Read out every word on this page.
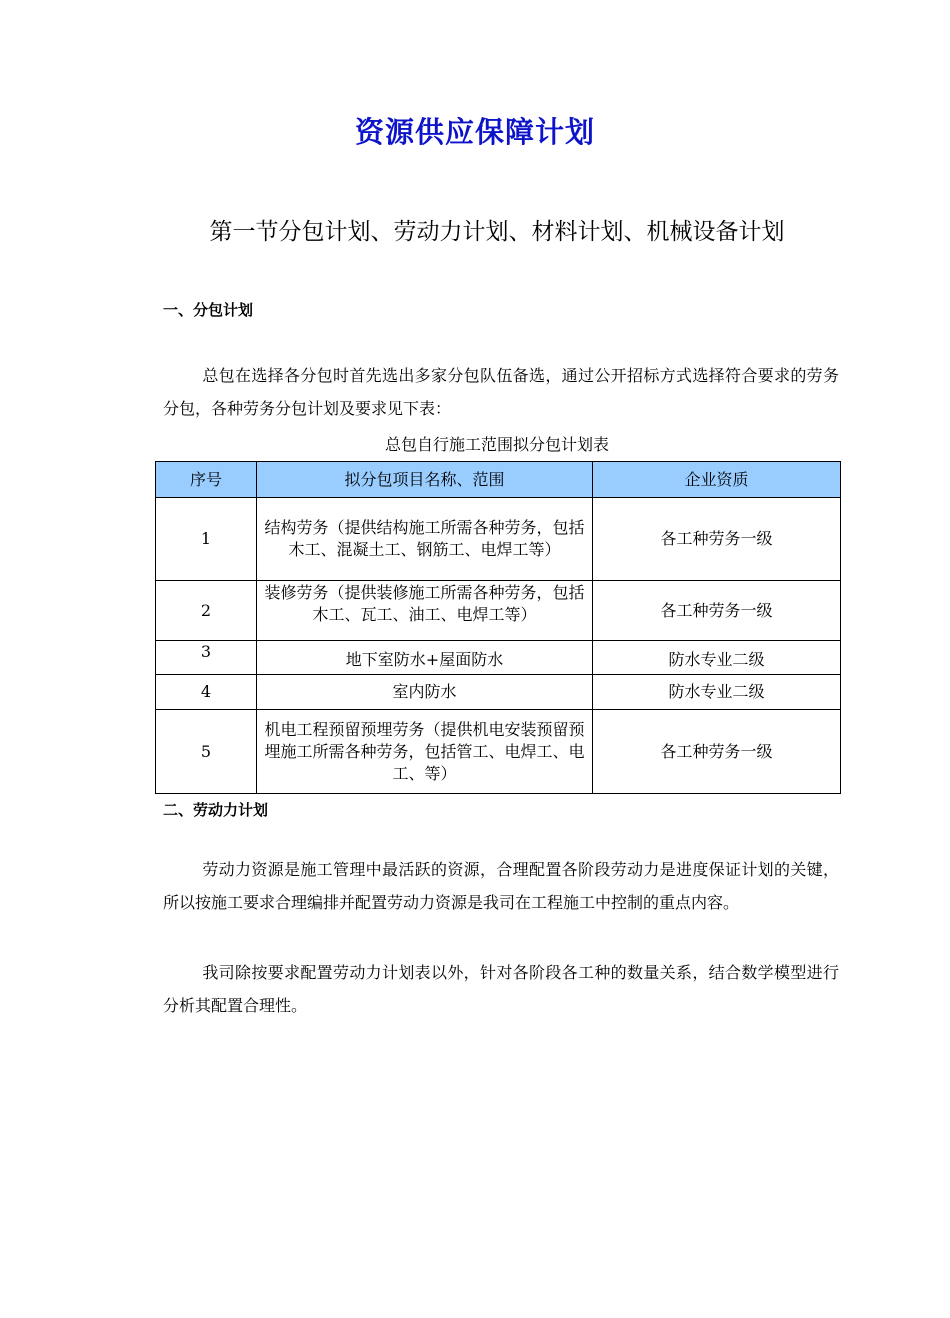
资源供应保障计划
第一节分包计划、劳动力计划、材料计划、机械设备计划
一、分包计划
总包在选择各分包时首先选出多家分包队伍备选，通过公开招标方式选择符合要求的劳务分包，各种劳务分包计划及要求见下表：
总包自行施工范围拟分包计划表
序号	拟分包项目名称、范围	企业资质
1	结构劳务（提供结构施工所需各种劳务，包括木工、混凝土工、钢筋工、电焊工等）	各工种劳务一级
2	装修劳务（提供装修施工所需各种劳务，包括木工、瓦工、油工、电焊工等）	各工种劳务一级
3	地下室防水+屋面防水	防水专业二级
4	室内防水	防水专业二级
5	机电工程预留预埋劳务（提供机电安装预留预埋施工所需各种劳务，包括管工、电焊工、电工、等）	各工种劳务一级
二、劳动力计划
劳动力资源是施工管理中最活跃的资源，合理配置各阶段劳动力是进度保证计划的关键，所以按施工要求合理编排并配置劳动力资源是我司在工程施工中控制的重点内容。
我司除按要求配置劳动力计划表以外，针对各阶段各工种的数量关系，结合数学模型进行分析其配置合理性。
